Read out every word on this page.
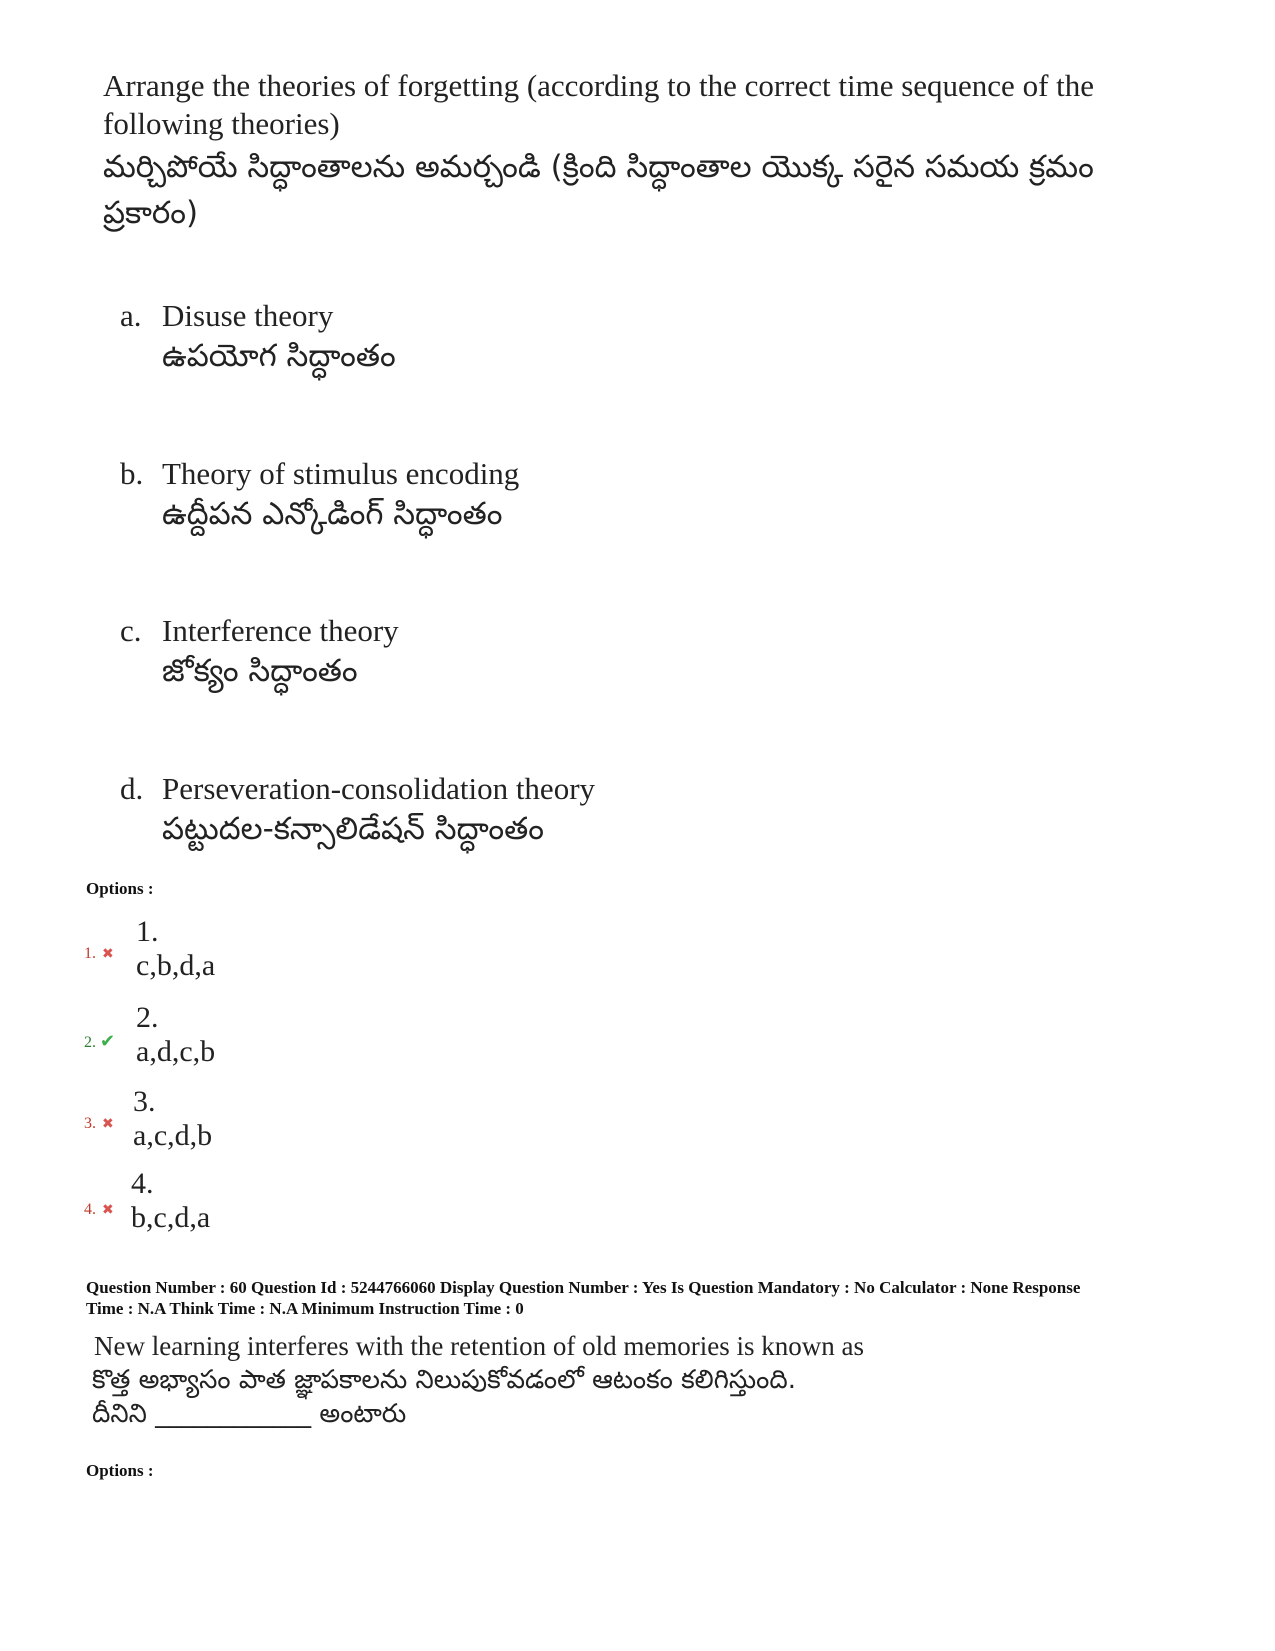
Arrange the theories of forgetting (according to the correct time sequence of the following theories)
మర్చిపోయే సిద్ధాంతాలను అమర్చండి (క్రింది సిద్ధాంతాల యొక్క సరైన సమయ క్రమం ప్రకారం)
a. Disuse theory
ఉపయోగ సిద్ధాంతం
b. Theory of stimulus encoding
ఉద్దీపన ఎన్కోడింగ్ సిద్ధాంతం
c. Interference theory
జోక్యం సిద్ధాంతం
d. Perseveration-consolidation theory
పట్టుదల-కన్సాలిడేషన్ సిద్ధాంతం
Options :
1. c,b,d,a
1. ✖
2. a,d,c,b
2. ✔
3. a,c,d,b
3. ✖
4. b,c,d,a
4. ✖
Question Number : 60 Question Id : 5244766060 Display Question Number : Yes Is Question Mandatory : No Calculator : None Response
Time : N.A Think Time : N.A Minimum Instruction Time : 0
New learning interferes with the retention of old memories is known as
కొత్త అభ్యాసం పాత జ్ఞాపకాలను నిలుపుకోవడంలో ఆటంకం కలిగిస్తుంది.
దీనిని ____________ అంటారు
Options :
